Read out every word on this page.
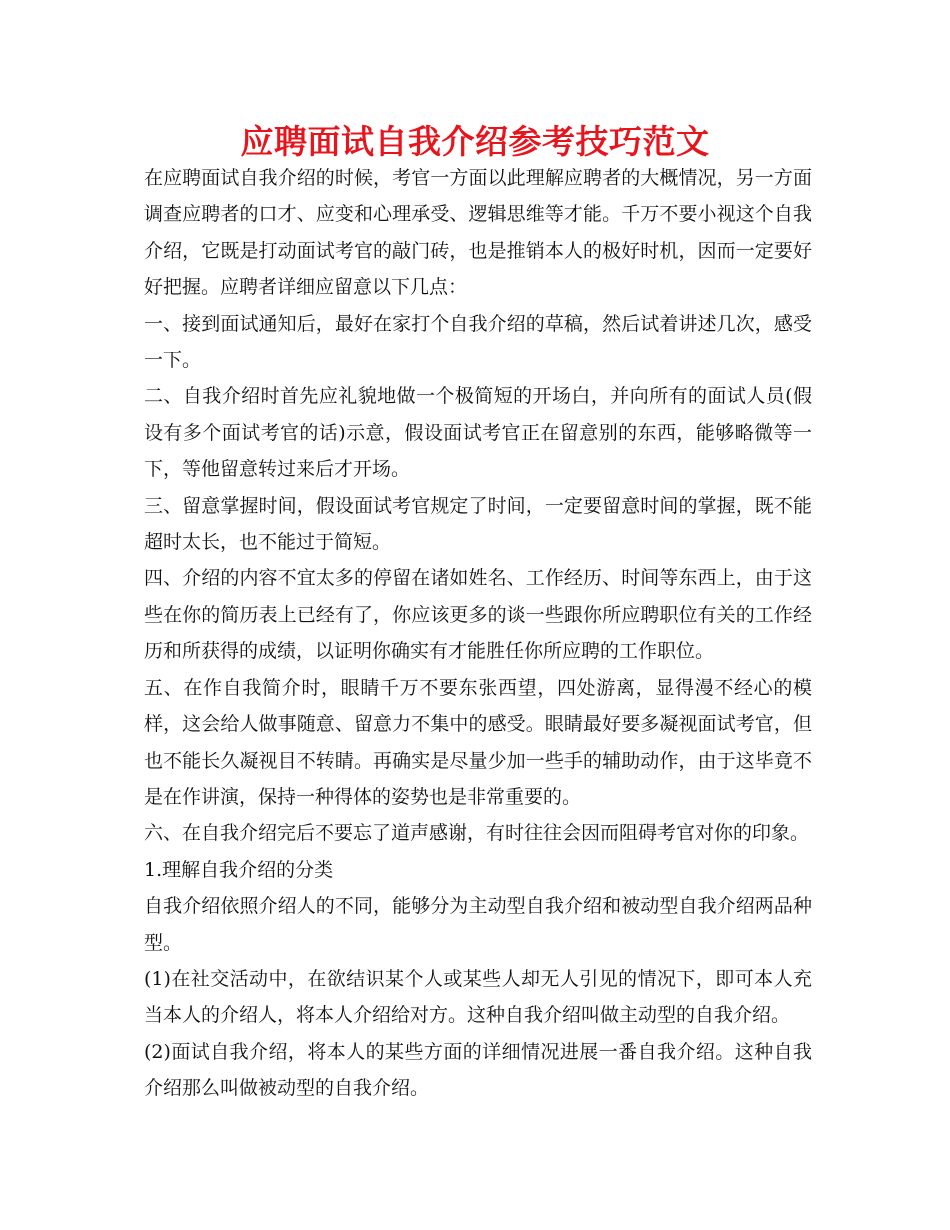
应聘面试自我介绍参考技巧范文

在应聘面试自我介绍的时候，考官一方面以此理解应聘者的大概情况，另一方面调查应聘者的口才、应变和心理承受、逻辑思维等才能。千万不要小视这个自我介绍，它既是打动面试考官的敲门砖，也是推销本人的极好时机，因而一定要好好把握。应聘者详细应留意以下几点：

一、接到面试通知后，最好在家打个自我介绍的草稿，然后试着讲述几次，感受一下。

二、自我介绍时首先应礼貌地做一个极简短的开场白，并向所有的面试人员(假设有多个面试考官的话)示意，假设面试考官正在留意别的东西，能够略微等一下，等他留意转过来后才开场。

三、留意掌握时间，假设面试考官规定了时间，一定要留意时间的掌握，既不能超时太长，也不能过于简短。

四、介绍的内容不宜太多的停留在诸如姓名、工作经历、时间等东西上，由于这些在你的简历表上已经有了，你应该更多的谈一些跟你所应聘职位有关的工作经历和所获得的成绩，以证明你确实有才能胜任你所应聘的工作职位。

五、在作自我简介时，眼睛千万不要东张西望，四处游离，显得漫不经心的模样，这会给人做事随意、留意力不集中的感受。眼睛最好要多凝视面试考官，但也不能长久凝视目不转睛。再确实是尽量少加一些手的辅助动作，由于这毕竟不是在作讲演，保持一种得体的姿势也是非常重要的。

六、在自我介绍完后不要忘了道声感谢，有时往往会因而阻碍考官对你的印象。

1.理解自我介绍的分类

自我介绍依照介绍人的不同，能够分为主动型自我介绍和被动型自我介绍两品种型。

(1)在社交活动中，在欲结识某个人或某些人却无人引见的情况下，即可本人充当本人的介绍人，将本人介绍给对方。这种自我介绍叫做主动型的自我介绍。

(2)面试自我介绍，将本人的某些方面的详细情况进展一番自我介绍。这种自我介绍那么叫做被动型的自我介绍。
